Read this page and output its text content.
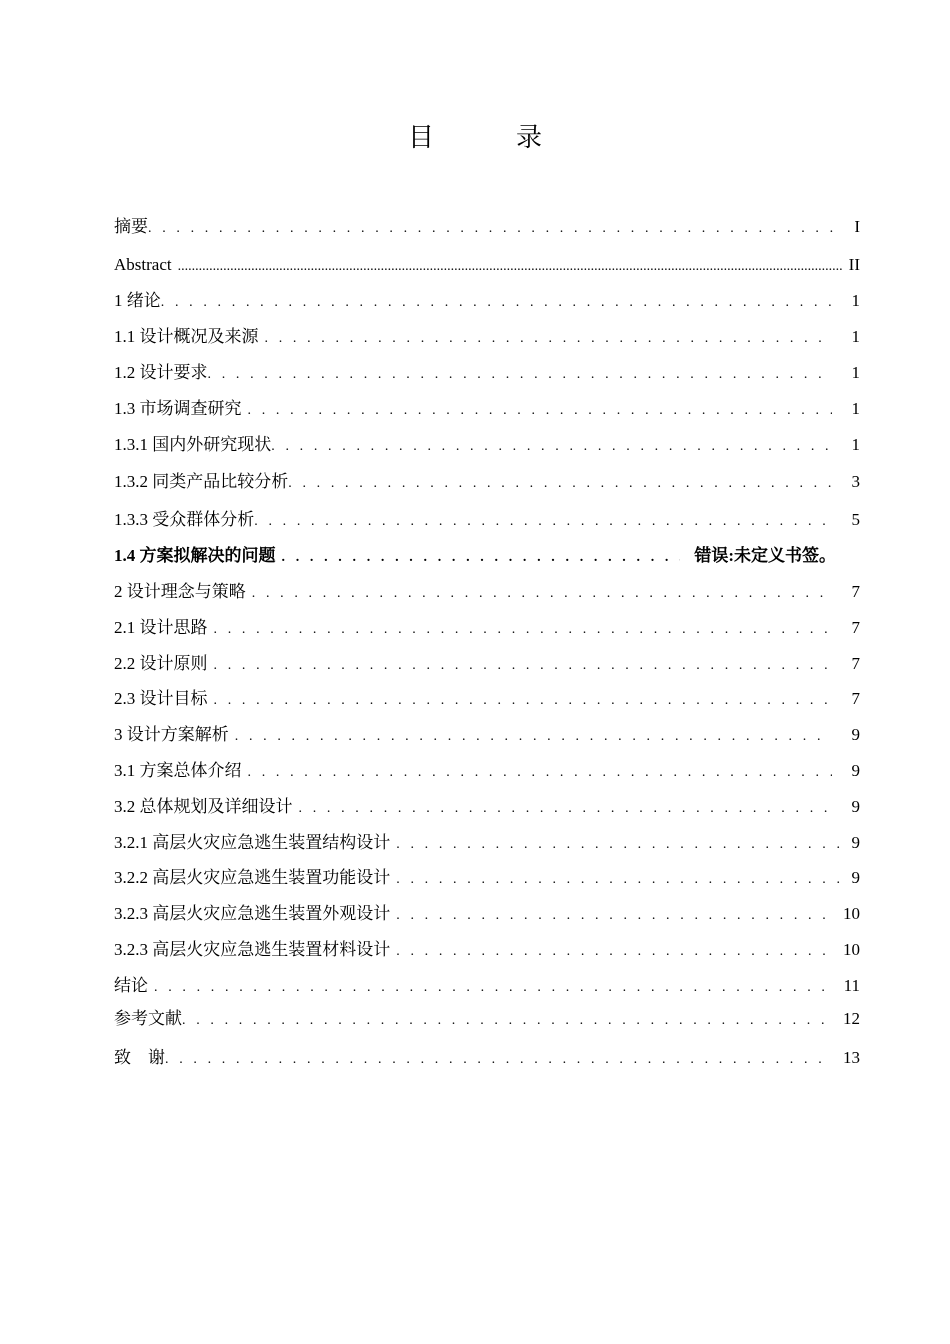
目　录
摘要 . . .	I
Abstract .....	II
1 绪论 . . .	1
1.1 设计概况及来源 . . .	1
1.2 设计要求 . . .	1
1.3 市场调查研究 . . .	1
1.3.1 国内外研究现状 . . .	1
1.3.2 同类产品比较分析 . . .	3
1.3.3 受众群体分析 . . .	5
1.4 方案拟解决的问题 . . .	错误:未定义书签。
2 设计理念与策略 . . .	7
2.1 设计思路 . . .	7
2.2 设计原则 . . .	7
2.3 设计目标 . . .	7
3 设计方案解析 . . .	9
3.1 方案总体介绍 . . .	9
3.2 总体规划及详细设计 . . .	9
3.2.1 高层火灾应急逃生装置结构设计 . . .	9
3.2.2 高层火灾应急逃生装置功能设计 . . .	9
3.2.3 高层火灾应急逃生装置外观设计 . . .	10
3.2.3 高层火灾应急逃生装置材料设计 . . .	10
结论 . . .	11
参考文献 . . .	12
致　谢 . . .	13
